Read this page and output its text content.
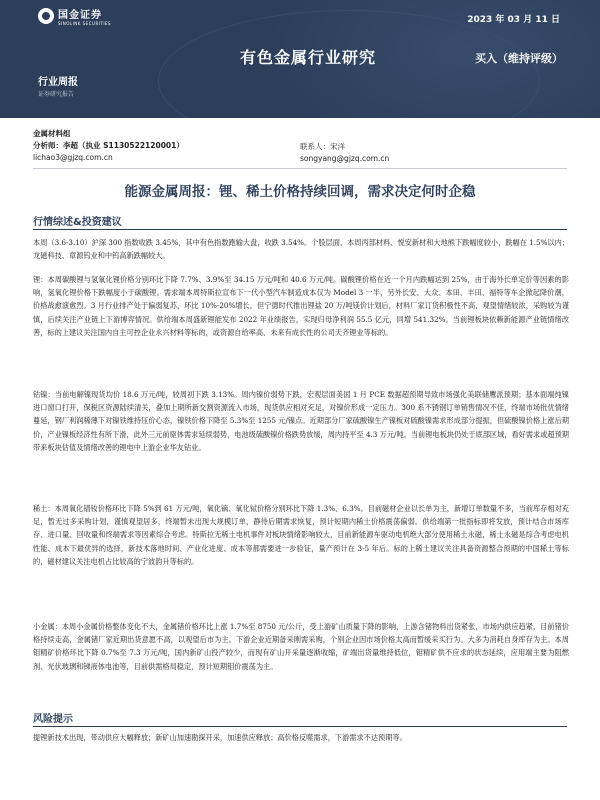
国金证券
SINOLINK SECURITIES	2023 年 03 月 11 日
有色金属行业研究	买入（维持评级）
行业周报
证券研究报告
金属材料组
分析师：李超（执业 S1130522120001）
lichao3@gjzq.com.cn
联系人：宋洋
songyang@gjzq.com.cn
能源金属周报：锂、稀土价格持续回调，需求决定何时企稳
行情综述&投资建议

本周（3.6-3.10）沪深 300 指数收跌 3.45%，其中有色指数跑输大盘，收跌 3.54%。个股层面，本周丙部材料、悦安新材和大地熊下跌幅度较小，跌幅在 1.5%以内；龙磁科技、章源钨业和中钨高新跌幅较大。

锂：本周碳酸锂与氢氧化锂价格分别环比下降 7.7%、3.9%至 34.15 万元/吨和 40.6 万元/吨。碳酸锂价格在近一个月内跌幅达到 25%，由于海外长单定价等因素的影响，氢氧化锂价格下跌幅度小于碳酸锂。需求端本周特斯拉宣布下一代小型汽车制造成本仅为 Model 3 一半，另外长安、大众、本田、丰田、福特等车企掀起降价潮，价格战愈演愈烈。3 月行业排产处于偏弱复苏，环比 10%-20%增长，但宁德时代推出锂盐 20 万/吨镁价计划后，材料厂家订货积极性不高，观望情绪较浓，采购较为谨慎，后续关注产业链上下游博弈情况。供给端本周盛新锂能发布 2022 年业绩报告，实现归母净利润 55.5 亿元，同增 541.32%。当前锂板块依赖新能源产业链情绪改善，标的上建议关注国内自主可控企业永兴材料等标的，或资源自给率高、未来有成长性的公司天齐锂业等标的。

钴镍：当前电解镍现货均价 18.6 万元/吨，较周初下跌 3.13%。周内镍价弱势下跌，宏观层面美国 1 月 PCE 数据超预期导致市场强化美联储鹰派预期；基本面端纯镍进口窗口打开，保税区资源陆续清关，叠加上期所新交割资源流入市场，现货供应相对充足，对镍价形成一定压力。300 系不锈钢订单销售情况不佳，终端市场批优情绪蔓延，钢厂利润稀薄下对镍铁维持压价心态，镍铁价格下降至 5.3%至 1255 元/镍点。近期部分厂家硫酸镍生产镍板对硫酸镍需求形成部分提振，但硫酸镍价格上涨后期价，产业镍板经济性有所下滑，此外三元前驱体需求延续弱势，电池级硫酸镍价格跌势放缓，周内持平至 4.3 万元/吨。当前锂电板块仍处于底部区域，看好需求或超预期带来板块估值及情绪改善的锂电中上游企业华友钴业。

稀土：本周氧化镨钕价格环比下降 5%到 61 万元/吨，氧化镝、氧化铽价格分别环比下降 1.3%、6.3%。目前磁材企业以长单为主，新增订单数量不多，当前库存相对充足，暂无过多采购计划，谨慎观望居多，终端暂未出现大规模订单，静待后期需求恢复，预计短期内稀土价格震荡偏弱。供给端第一批指标即将发放，预计结合市场库存、进口量、回收量和终端需求等因素综合考虑。特斯拉无稀土电机事件对板块情绪影响较大，目前新能源车驱动电机绝大部分使用稀土永磁，稀土永磁是综合考虑电机性能、成本下最优异的选择，新技术落地时间、产业化进度、成本等都需要进一步验证，量产预计在 3-5 年后。标的上稀土建议关注具备资源整合预期的中国稀土等标的，磁材建议关注电机占比较高的宁波韵升等标的。

小金属：本周小金属价格整体变化不大，金属锗价格环比上涨 1.7%至 8750 元/公斤，受上游矿山质量下降的影响，上游含锗物料出货紧张，市场内供应趋紧，目前锗价格持续走高，金属锗厂家近期出货意愿不高，以观望后市为主。下游企业近期备采刚需采购，个别企业因市场价格太高而暂缓采买行为。大多为消耗自身库存为主。本周钼精矿价格环比下降 0.7%至 7.3 万元/吨，国内新矿山投产较少，而现有矿山开采量逐渐收缩，矿端出货量维持低位，钼精矿供不应求的状态延续，应用端主要为阻燃剂、光伏玻璃和锑液体电池等，目前供需格局稳定，预计短期钼价震荡为主。

风险提示

提锂新技术出现，带动供应大幅释放；新矿山加速勘探开采，加速供应释放；高价格反噬需求，下游需求不达预期等。
